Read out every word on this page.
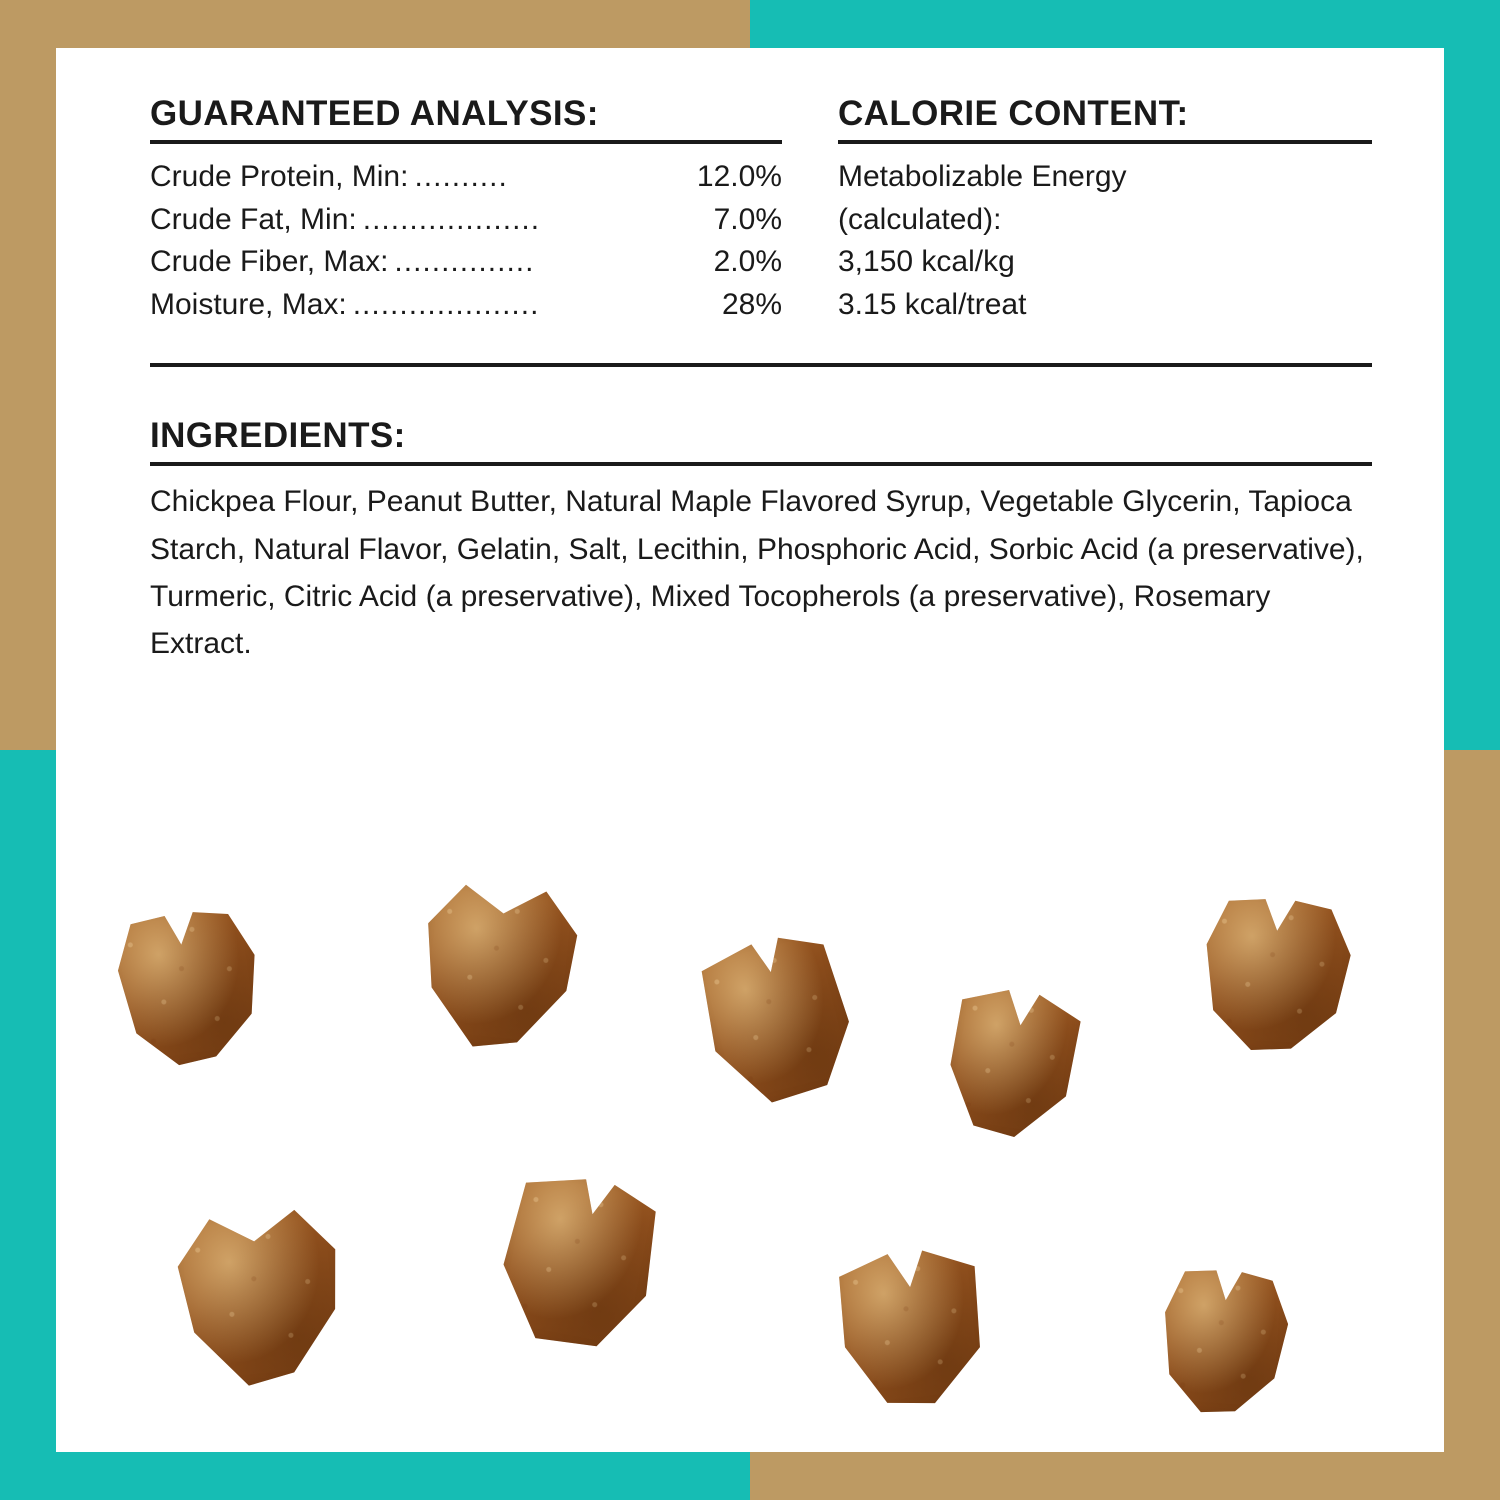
GUARANTEED ANALYSIS:
Crude Protein, Min: ..........	12.0%
Crude Fat, Min: ...................	7.0%
Crude Fiber, Max: ...............	2.0%
Moisture, Max: ....................	28%
CALORIE CONTENT:
Metabolizable Energy
(calculated):
3,150 kcal/kg
3.15 kcal/treat
INGREDIENTS:
Chickpea Flour, Peanut Butter, Natural Maple Flavored Syrup, Vegetable Glycerin, Tapioca Starch, Natural Flavor, Gelatin, Salt, Lecithin, Phosphoric Acid, Sorbic Acid (a preservative), Turmeric, Citric Acid (a preservative), Mixed Tocopherols (a preservative), Rosemary Extract.
